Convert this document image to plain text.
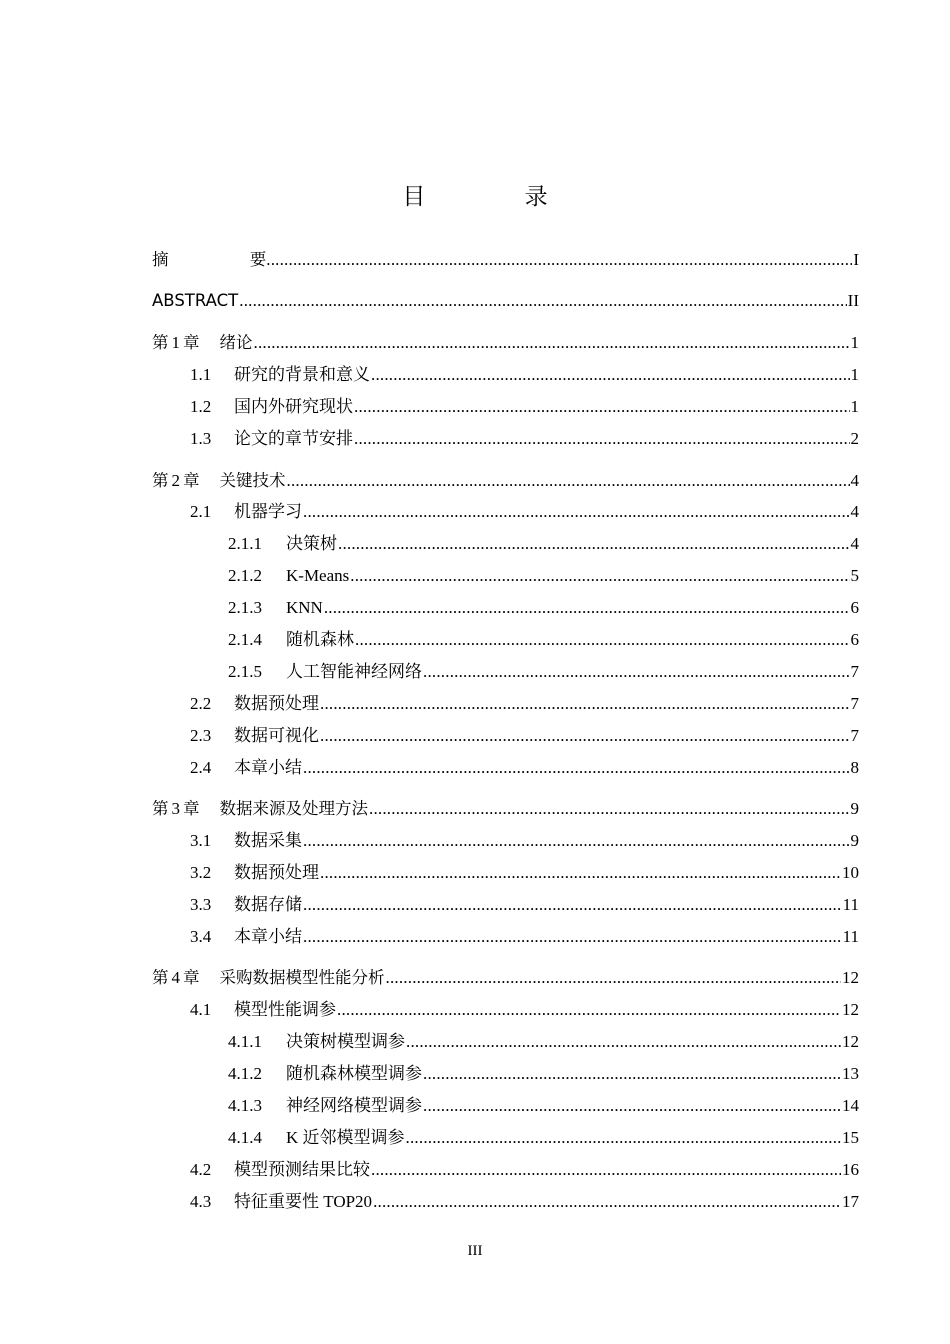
目 录
摘 要 .....	I
ABSTRACT .....	II
第 1 章 绪论 .....	1
1.1	研究的背景和意义 .....	1
1.2	国内外研究现状 .....	1
1.3	论文的章节安排 .....	2
第 2 章 关键技术 .....	4
2.1	机器学习 .....	4
2.1.1	决策树 .....	4
2.1.2	K-Means .....	5
2.1.3	KNN .....	6
2.1.4	随机森林 .....	6
2.1.5	人工智能神经网络 .....	7
2.2	数据预处理 .....	7
2.3	数据可视化 .....	7
2.4	本章小结 .....	8
第 3 章 数据来源及处理方法 .....	9
3.1	数据采集 .....	9
3.2	数据预处理 .....	10
3.3	数据存储 .....	11
3.4	本章小结 .....	11
第 4 章 采购数据模型性能分析 .....	12
4.1	模型性能调参 .....	12
4.1.1	决策树模型调参 .....	12
4.1.2	随机森林模型调参 .....	13
4.1.3	神经网络模型调参 .....	14
4.1.4	K 近邻模型调参 .....	15
4.2	模型预测结果比较 .....	16
4.3	特征重要性 TOP20 .....	17
III
